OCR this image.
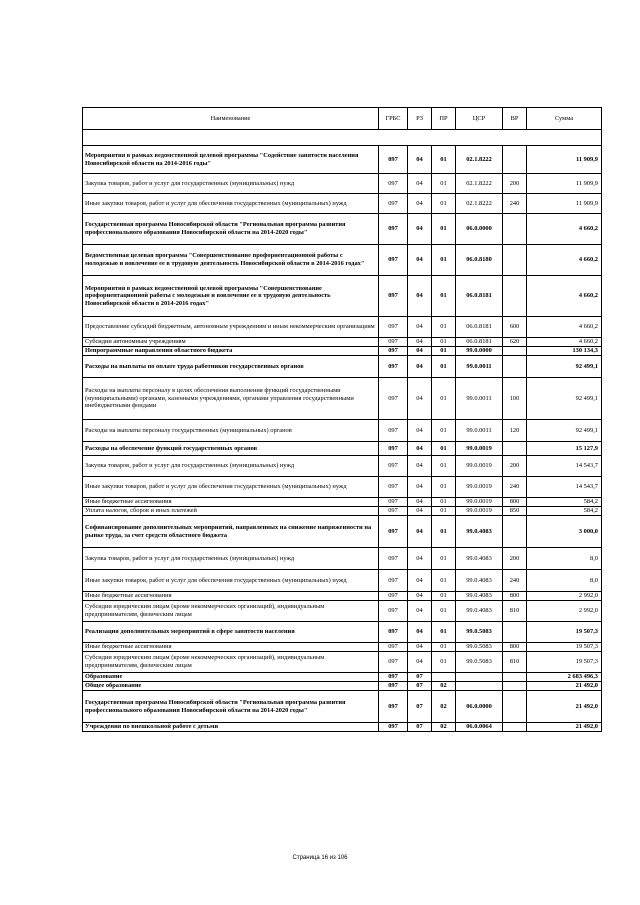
Наименование	ГРБС	РЗ	ПР	ЦСР	ВР	Сумма

Мероприятия в рамках ведомственной целевой программы "Содействие занятости населения Новосибирской области на 2014-2016 годы"	097	04	01	02.1.8222		11 909,9
Закупка товаров, работ и услуг для государственных (муниципальных) нужд	097	04	01	02.1.8222	200	11 909,9
Иные закупки товаров, работ и услуг для обеспечения государственных (муниципальных) нужд	097	04	01	02.1.8222	240	11 909,9
Государственная программа Новосибирской области "Региональная программа развития профессионального образования Новосибирской области на 2014-2020 годы"	097	04	01	06.0.0000		4 660,2
Ведомственная целевая программа "Совершенствование профориентационной работы с молодежью и вовлечение ее в трудовую деятельность Новосибирской области в 2014-2016 годах"	097	04	01	06.0.8180		4 660,2
Мероприятия в рамках ведомственной целевой программы "Совершенствование профориентационной работы с молодежью и вовлечение ее в трудовую деятельность Новосибирской области в 2014-2016 годах"	097	04	01	06.0.8181		4 660,2
Предоставление субсидий бюджетным, автономным учреждениям и иным некоммерческим организациям	097	04	01	06.0.8181	600	4 660,2
Субсидии автономным учреждениям	097	04	01	06.0.8181	620	4 660,2
Непрограммные направления областного бюджета	097	04	01	99.0.0000		130 134,3
Расходы на выплаты по оплате труда работников государственных органов	097	04	01	99.0.0011		92 499,1
Расходы на выплаты персоналу в целях обеспечения выполнения функций государственными (муниципальными) органами, казенными учреждениями, органами управления государственными внебюджетными фондами	097	04	01	99.0.0011	100	92 499,1
Расходы на выплаты персоналу государственных (муниципальных) органов	097	04	01	99.0.0011	120	92 499,1
Расходы на обеспечение функций государственных органов	097	04	01	99.0.0019		15 127,9
Закупка товаров, работ и услуг для государственных (муниципальных) нужд	097	04	01	99.0.0019	200	14 543,7
Иные закупки товаров, работ и услуг для обеспечения государственных (муниципальных) нужд	097	04	01	99.0.0019	240	14 543,7
Иные бюджетные ассигнования	097	04	01	99.0.0019	800	584,2
Уплата налогов, сборов и иных платежей	097	04	01	99.0.0019	850	584,2
Софинансирование дополнительных мероприятий, направленных на снижение напряженности на рынке труда, за счет средств областного бюджета	097	04	01	99.0.4083		3 000,0
Закупка товаров, работ и услуг для государственных (муниципальных) нужд	097	04	01	99.0.4083	200	8,0
Иные закупки товаров, работ и услуг для обеспечения государственных (муниципальных) нужд	097	04	01	99.0.4083	240	8,0
Иные бюджетные ассигнования	097	04	01	99.0.4083	800	2 992,0
Субсидии юридическим лицам (кроме некоммерческих организаций), индивидуальным предпринимателям, физическим лицам	097	04	01	99.0.4083	810	2 992,0
Реализация дополнительных мероприятий в сфере занятости населения	097	04	01	99.0.5083		19 507,3
Иные бюджетные ассигнования	097	04	01	99.0.5083	800	19 507,3
Субсидии юридическим лицам (кроме некоммерческих организаций), индивидуальным предпринимателям, физическим лицам	097	04	01	99.0.5083	810	19 507,3
Образование	097	07				2 683 496,3
Общее образование	097	07	02			21 492,0
Государственная программа Новосибирской области "Региональная программа развития профессионального образования Новосибирской области на 2014-2020 годы"	097	07	02	06.0.0000		21 492,0
Учреждения по внешкольной работе с детьми	097	07	02	06.0.0064		21 492,0
Страница 16 из 106
